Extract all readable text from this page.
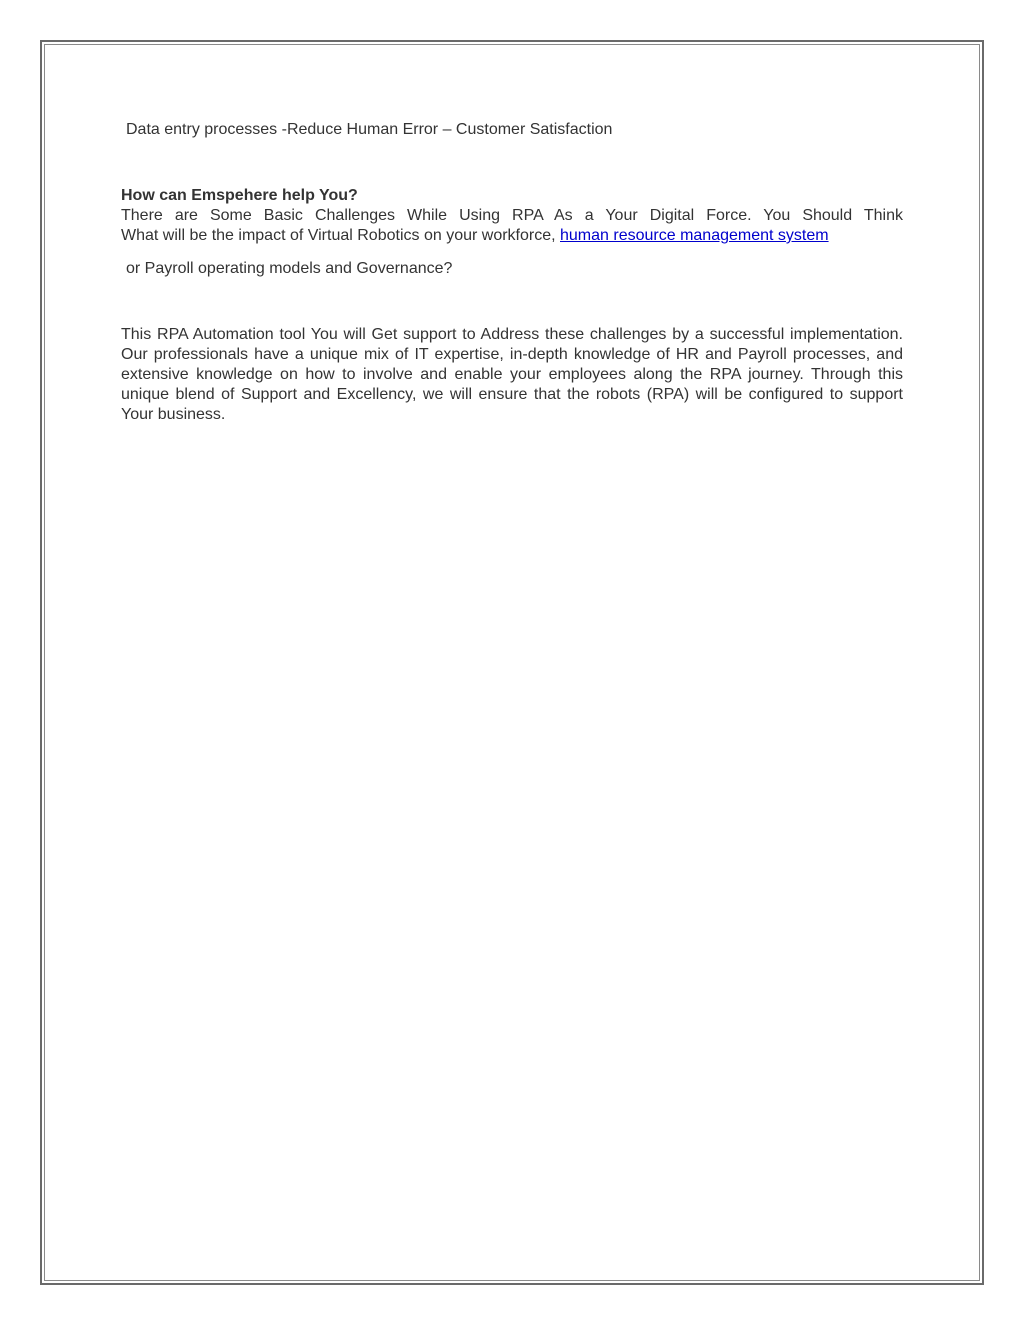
Data entry processes -Reduce Human Error – Customer Satisfaction

How can Emspehere help You?

There are Some Basic Challenges While Using RPA As a Your Digital Force. You Should Think

What will be the impact of Virtual Robotics on your workforce, human resource management system

or Payroll operating models and Governance?

This RPA Automation tool You will Get support to Address these challenges by a successful implementation. Our professionals have a unique mix of IT expertise, in-depth knowledge of HR and Payroll processes, and extensive knowledge on how to involve and enable your employees along the RPA journey. Through this unique blend of Support and Excellency, we will ensure that the robots (RPA) will be configured to support Your business.
